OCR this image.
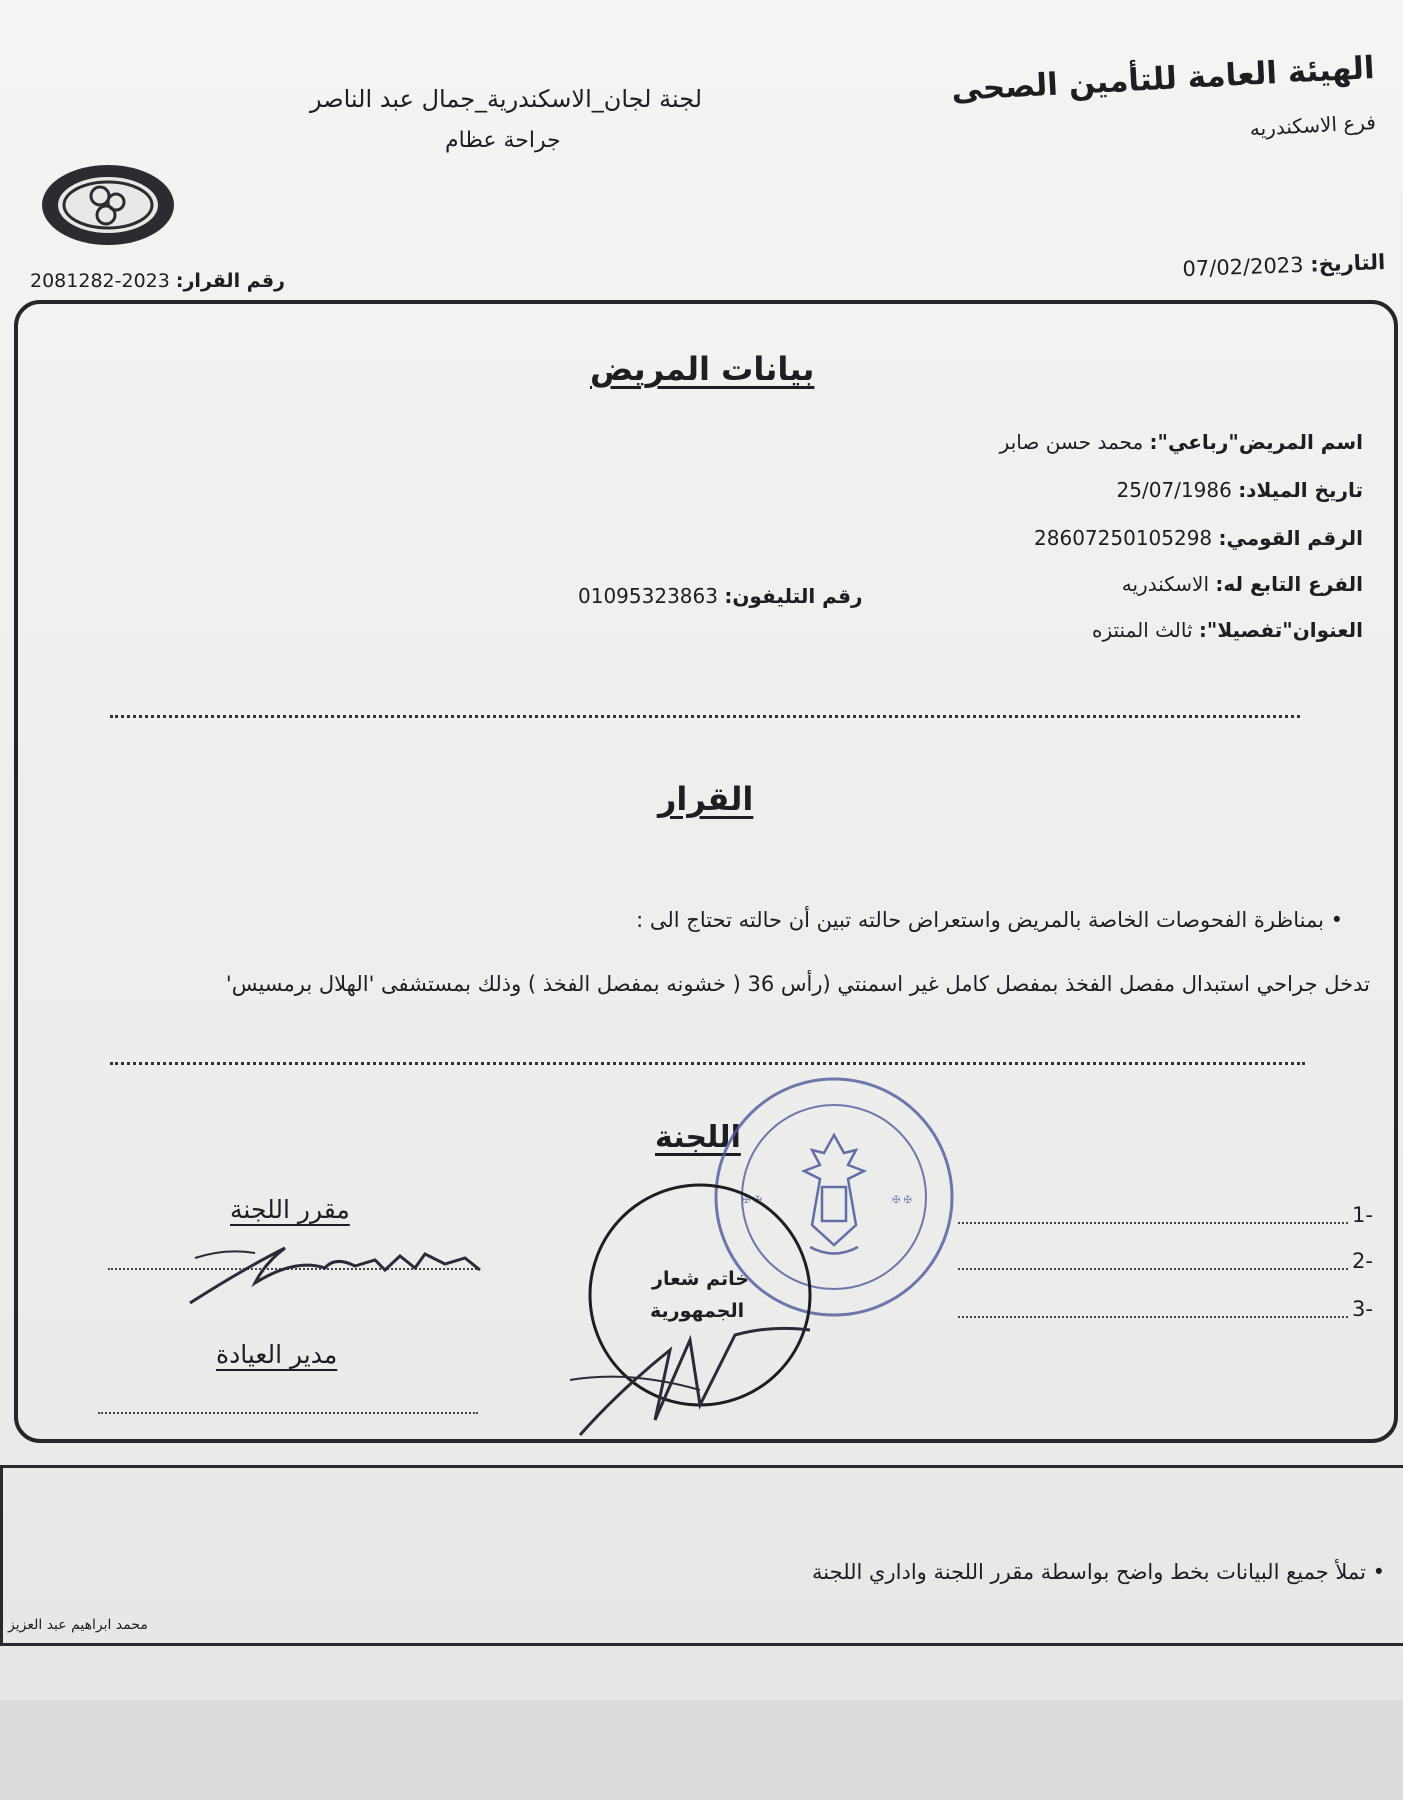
الهيئة العامة للتأمين الصحى
فرع الاسكندريه
لجنة لجان_الاسكندرية_جمال عبد الناصر
جراحة عظام
التاريخ: 07/02/2023
رقم القرار: 2023-2081282
بيانات المريض
اسم المريض"رباعي": محمد حسن صابر
تاريخ الميلاد: 25/07/1986
الرقم القومي: 28607250105298
الفرع التابع له: الاسكندريه
العنوان"تفصيلا": ثالث المنتزه
رقم التليفون: 01095323863
القرار
• بمناظرة الفحوصات الخاصة بالمريض واستعراض حالته تبين أن حالته تحتاج الى :
تدخل جراحي استبدال مفصل الفخذ بمفصل كامل غير اسمنتي (رأس 36 ( خشونه بمفصل الفخذ ) وذلك بمستشفى 'الهلال برمسيس'
اللجنة
مقرر اللجنة
مدير العيادة
1-
2-
3-
✠ ✠	✠ ✠
خاتم شعار
الجمهورية
• تملأ جميع البيانات بخط واضح بواسطة مقرر اللجنة واداري اللجنة
محمد ابراهيم عبد العزيز
